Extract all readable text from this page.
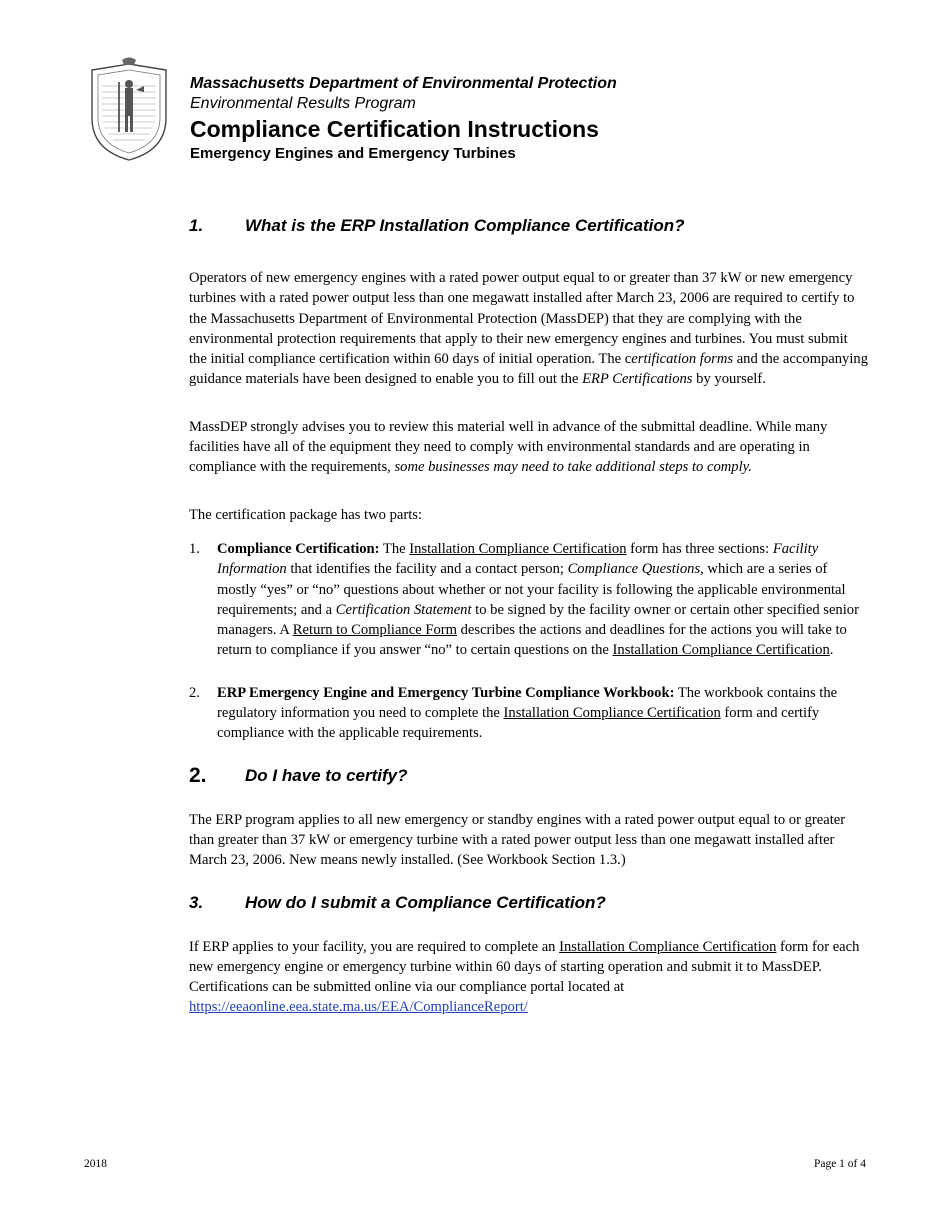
Massachusetts Department of Environmental Protection
Environmental Results Program
Compliance Certification Instructions
Emergency Engines and Emergency Turbines
1. What is the ERP Installation Compliance Certification?

Operators of new emergency engines with a rated power output equal to or greater than 37 kW or new emergency turbines with a rated power output less than one megawatt installed after March 23, 2006 are required to certify to the Massachusetts Department of Environmental Protection (MassDEP) that they are complying with the environmental protection requirements that apply to their new emergency engines and turbines. You must submit the initial compliance certification within 60 days of initial operation. The certification forms and the accompanying guidance materials have been designed to enable you to fill out the ERP Certifications by yourself.

MassDEP strongly advises you to review this material well in advance of the submittal deadline. While many facilities have all of the equipment they need to comply with environmental standards and are operating in compliance with the requirements, some businesses may need to take additional steps to comply.

The certification package has two parts:

1. Compliance Certification: The Installation Compliance Certification form has three sections: Facility Information that identifies the facility and a contact person; Compliance Questions, which are a series of mostly “yes” or “no” questions about whether or not your facility is following the applicable environmental requirements; and a Certification Statement to be signed by the facility owner or certain other specified senior managers. A Return to Compliance Form describes the actions and deadlines for the actions you will take to return to compliance if you answer “no” to certain questions on the Installation Compliance Certification.
2. ERP Emergency Engine and Emergency Turbine Compliance Workbook: The workbook contains the regulatory information you need to complete the Installation Compliance Certification form and certify compliance with the applicable requirements.
2. Do I have to certify?

The ERP program applies to all new emergency or standby engines with a rated power output equal to or greater than greater than 37 kW or emergency turbine with a rated power output less than one megawatt installed after March 23, 2006. New means newly installed. (See Workbook Section 1.3.)

3. How do I submit a Compliance Certification?

If ERP applies to your facility, you are required to complete an Installation Compliance Certification form for each new emergency engine or emergency turbine within 60 days of starting operation and submit it to MassDEP. Certifications can be submitted online via our compliance portal located at https://eeaonline.eea.state.ma.us/EEA/ComplianceReport/

2018	Page 1 of 4
